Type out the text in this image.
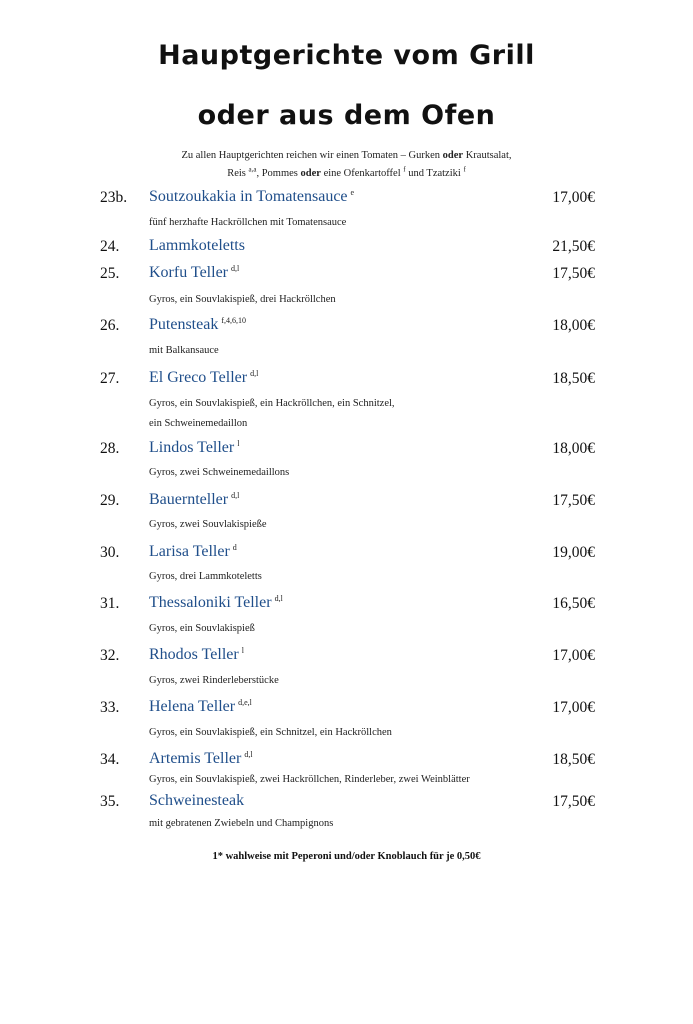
Hauptgerichte vom Grill
oder aus dem Ofen
Zu allen Hauptgerichten reichen wir einen Tomaten – Gurken oder Krautsalat,
Reis $^{a,a}$, Pommes oder eine Ofenkartoffel $^f$ und Tzatziki $^f$
23b. Soutzoukakia in Tomatensauce $^e$	17,00€
fünf herzhafte Hackröllchen mit Tomatensauce
24. Lammkoteletts	21,50€
25. Korfu Teller $^{d,l}$	17,50€
Gyros, ein Souvlakispieß, drei Hackröllchen
26. Putensteak $^{f,4,6,10}$	18,00€
mit Balkansauce
27. El Greco Teller $^{d,l}$	18,50€
Gyros, ein Souvlakispieß, ein Hackröllchen, ein Schnitzel,
ein Schweinemedaillon
28. Lindos Teller $^l$	18,00€
Gyros, zwei Schweinemedaillons
29. Bauernteller $^{d,l}$	17,50€
Gyros, zwei Souvlakispieße
30. Larisa Teller $^d$	19,00€
Gyros, drei Lammkoteletts
31. Thessaloniki Teller $^{d,l}$	16,50€
Gyros, ein Souvlakispieß
32. Rhodos Teller $^l$	17,00€
Gyros, zwei Rinderleberstücke
33. Helena Teller $^{d,e,l}$	17,00€
Gyros, ein Souvlakispieß, ein Schnitzel, ein Hackröllchen
34. Artemis Teller $^{d,l}$	18,50€
Gyros, ein Souvlakispieß, zwei Hackröllchen, Rinderleber, zwei Weinblätter
35. Schweinesteak	17,50€
mit gebratenen Zwiebeln und Champignons
1* wahlweise mit Peperoni und/oder Knoblauch für je 0,50€
